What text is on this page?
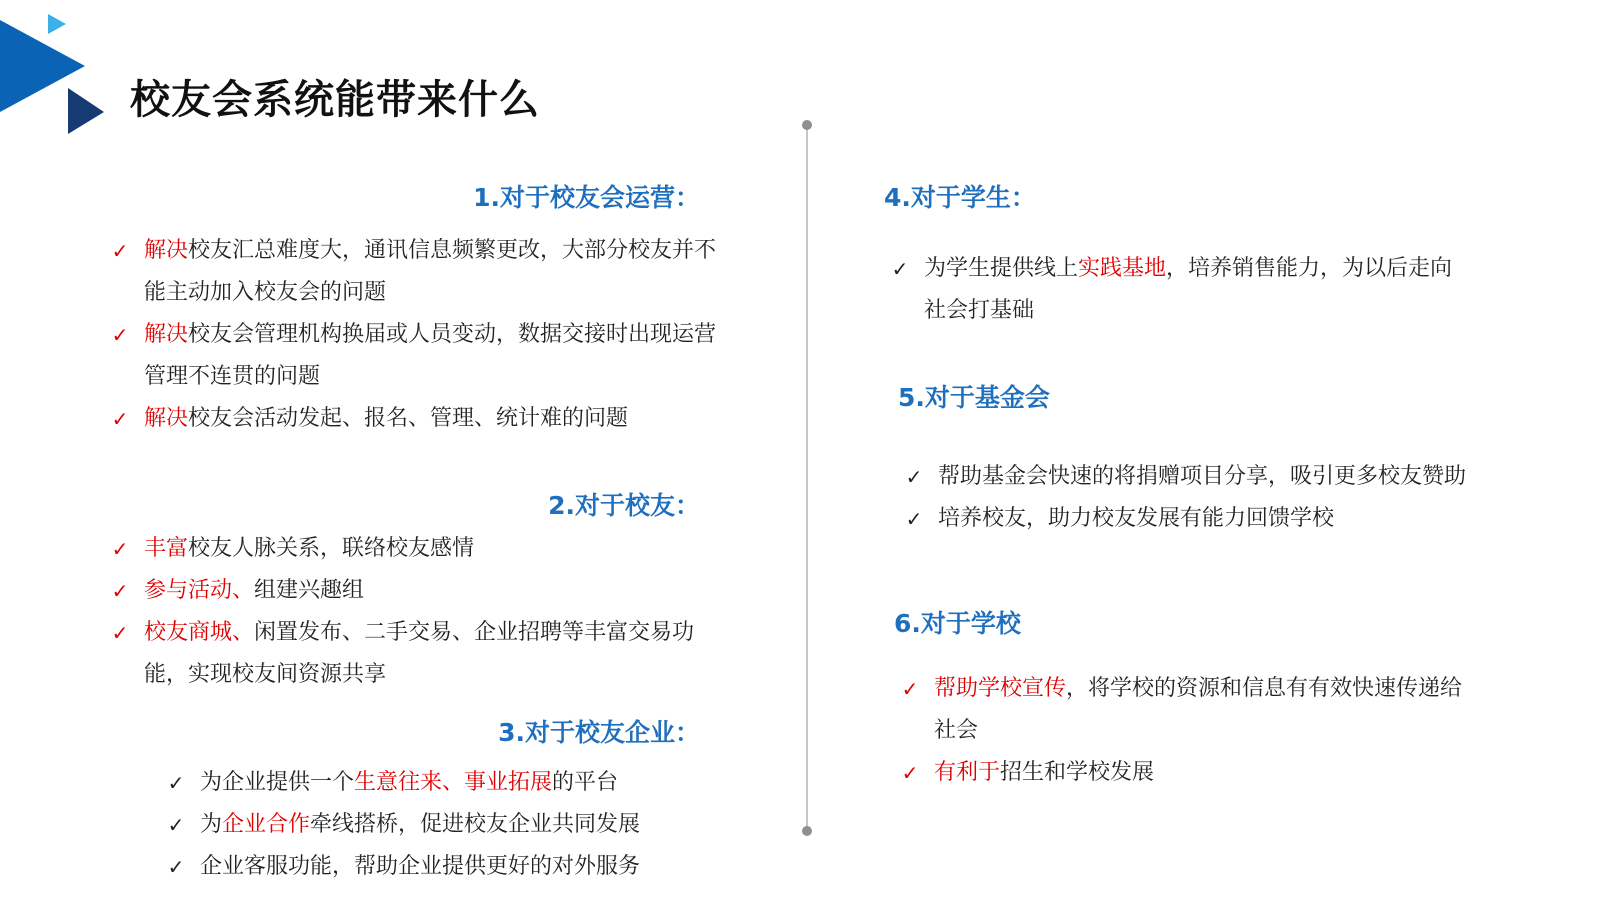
校友会系统能带来什么
1.对于校友会运营：
✓ 解决校友汇总难度大，通讯信息频繁更改，大部分校友并不能主动加入校友会的问题
✓ 解决校友会管理机构换届或人员变动，数据交接时出现运营管理不连贯的问题
✓ 解决校友会活动发起、报名、管理、统计难的问题
2.对于校友：
✓ 丰富校友人脉关系，联络校友感情
✓ 参与活动、组建兴趣组
✓ 校友商城、闲置发布、二手交易、企业招聘等丰富交易功能，实现校友间资源共享
3.对于校友企业：
✓ 为企业提供一个生意往来、事业拓展的平台
✓ 为企业合作牵线搭桥，促进校友企业共同发展
✓ 企业客服功能，帮助企业提供更好的对外服务
4.对于学生：
✓ 为学生提供线上实践基地，培养销售能力，为以后走向社会打基础
5.对于基金会
✓ 帮助基金会快速的将捐赠项目分享，吸引更多校友赞助
✓ 培养校友，助力校友发展有能力回馈学校
6.对于学校
✓ 帮助学校宣传，将学校的资源和信息有有效快速传递给社会
✓ 有利于招生和学校发展
